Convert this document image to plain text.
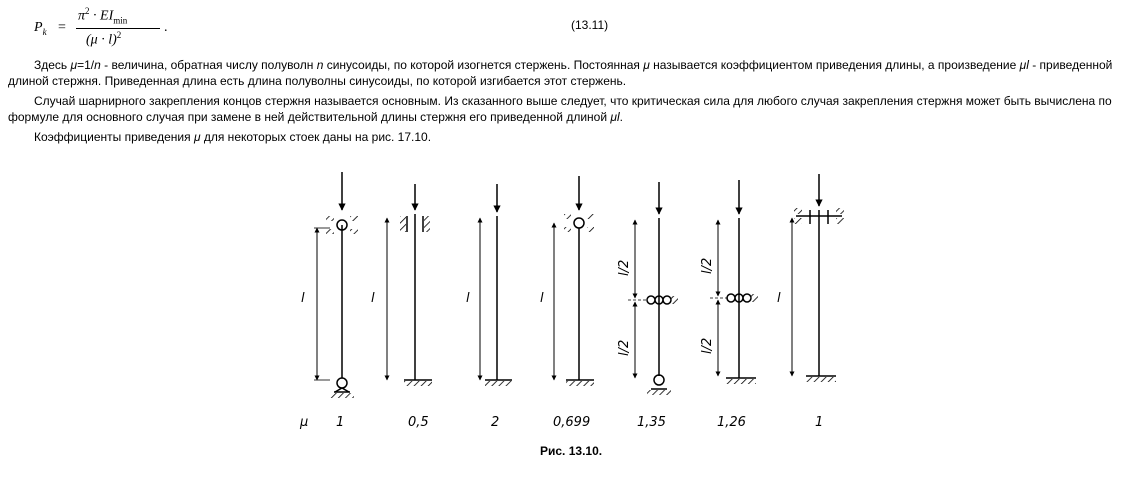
$P_k$ =
$\pi^2 \cdot EI_{min}$
$(\mu \cdot l)^2$	.	(13.11)

Здесь μ=1/n - величина, обратная числу полуволн n синусоиды, по которой изогнется стержень. Постоянная μ называется коэффициентом приведения длины, а произведение μl - приведенной длиной стержня. Приведенная длина есть длина полуволны синусоиды, по которой изгибается этот стержень.

Случай шарнирного закрепления концов стержня называется основным. Из сказанного выше следует, что критическая сила для любого случая закрепления стержня может быть вычислена по формуле для основного случая при замене в ней действительной длины стержня его приведенной длиной μl.

Коэффициенты приведения μ для некоторых стоек даны на рис. 17.10.

l	l	l	l	l
l/2
l/2
l/2
l/2
μ 1	0,5	2	0,699	1,35	1,26	1
Рис. 13.10.
